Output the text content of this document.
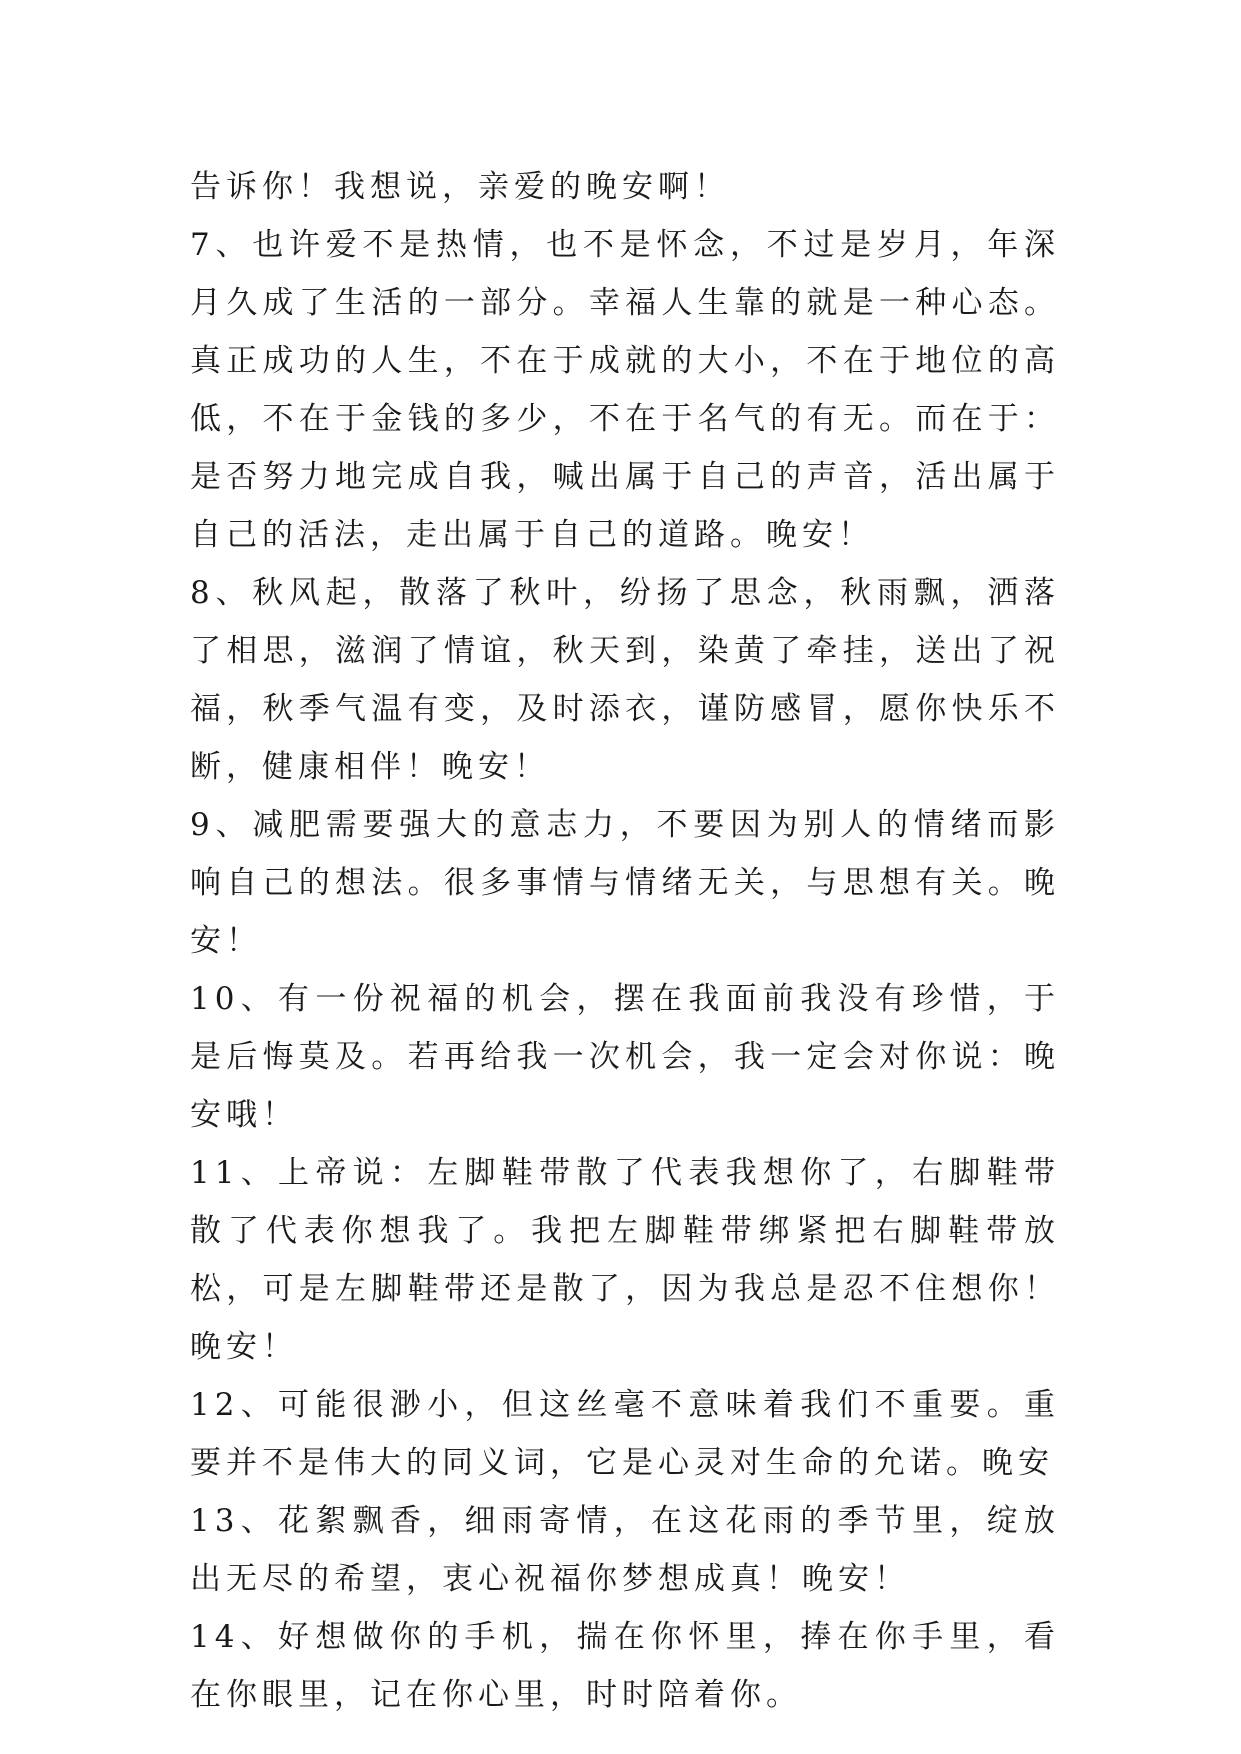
告诉你！我想说，亲爱的晚安啊！

7、也许爱不是热情，也不是怀念，不过是岁月，年深月久成了生活的一部分。幸福人生靠的就是一种心态。真正成功的人生，不在于成就的大小，不在于地位的高低，不在于金钱的多少，不在于名气的有无。而在于：是否努力地完成自我，喊出属于自己的声音，活出属于自己的活法，走出属于自己的道路。晚安！

8、秋风起，散落了秋叶，纷扬了思念，秋雨飘，洒落了相思，滋润了情谊，秋天到，染黄了牵挂，送出了祝福，秋季气温有变，及时添衣，谨防感冒，愿你快乐不断，健康相伴！晚安！

9、减肥需要强大的意志力，不要因为别人的情绪而影响自己的想法。很多事情与情绪无关，与思想有关。晚安！

10、有一份祝福的机会，摆在我面前我没有珍惜，于是后悔莫及。若再给我一次机会，我一定会对你说：晚安哦！

11、上帝说：左脚鞋带散了代表我想你了，右脚鞋带散了代表你想我了。我把左脚鞋带绑紧把右脚鞋带放松，可是左脚鞋带还是散了，因为我总是忍不住想你！晚安！

12、可能很渺小，但这丝毫不意味着我们不重要。重要并不是伟大的同义词，它是心灵对生命的允诺。晚安

13、花絮飘香，细雨寄情，在这花雨的季节里，绽放出无尽的希望，衷心祝福你梦想成真！晚安！

14、好想做你的手机，揣在你怀里，捧在你手里，看在你眼里，记在你心里，时时陪着你。
